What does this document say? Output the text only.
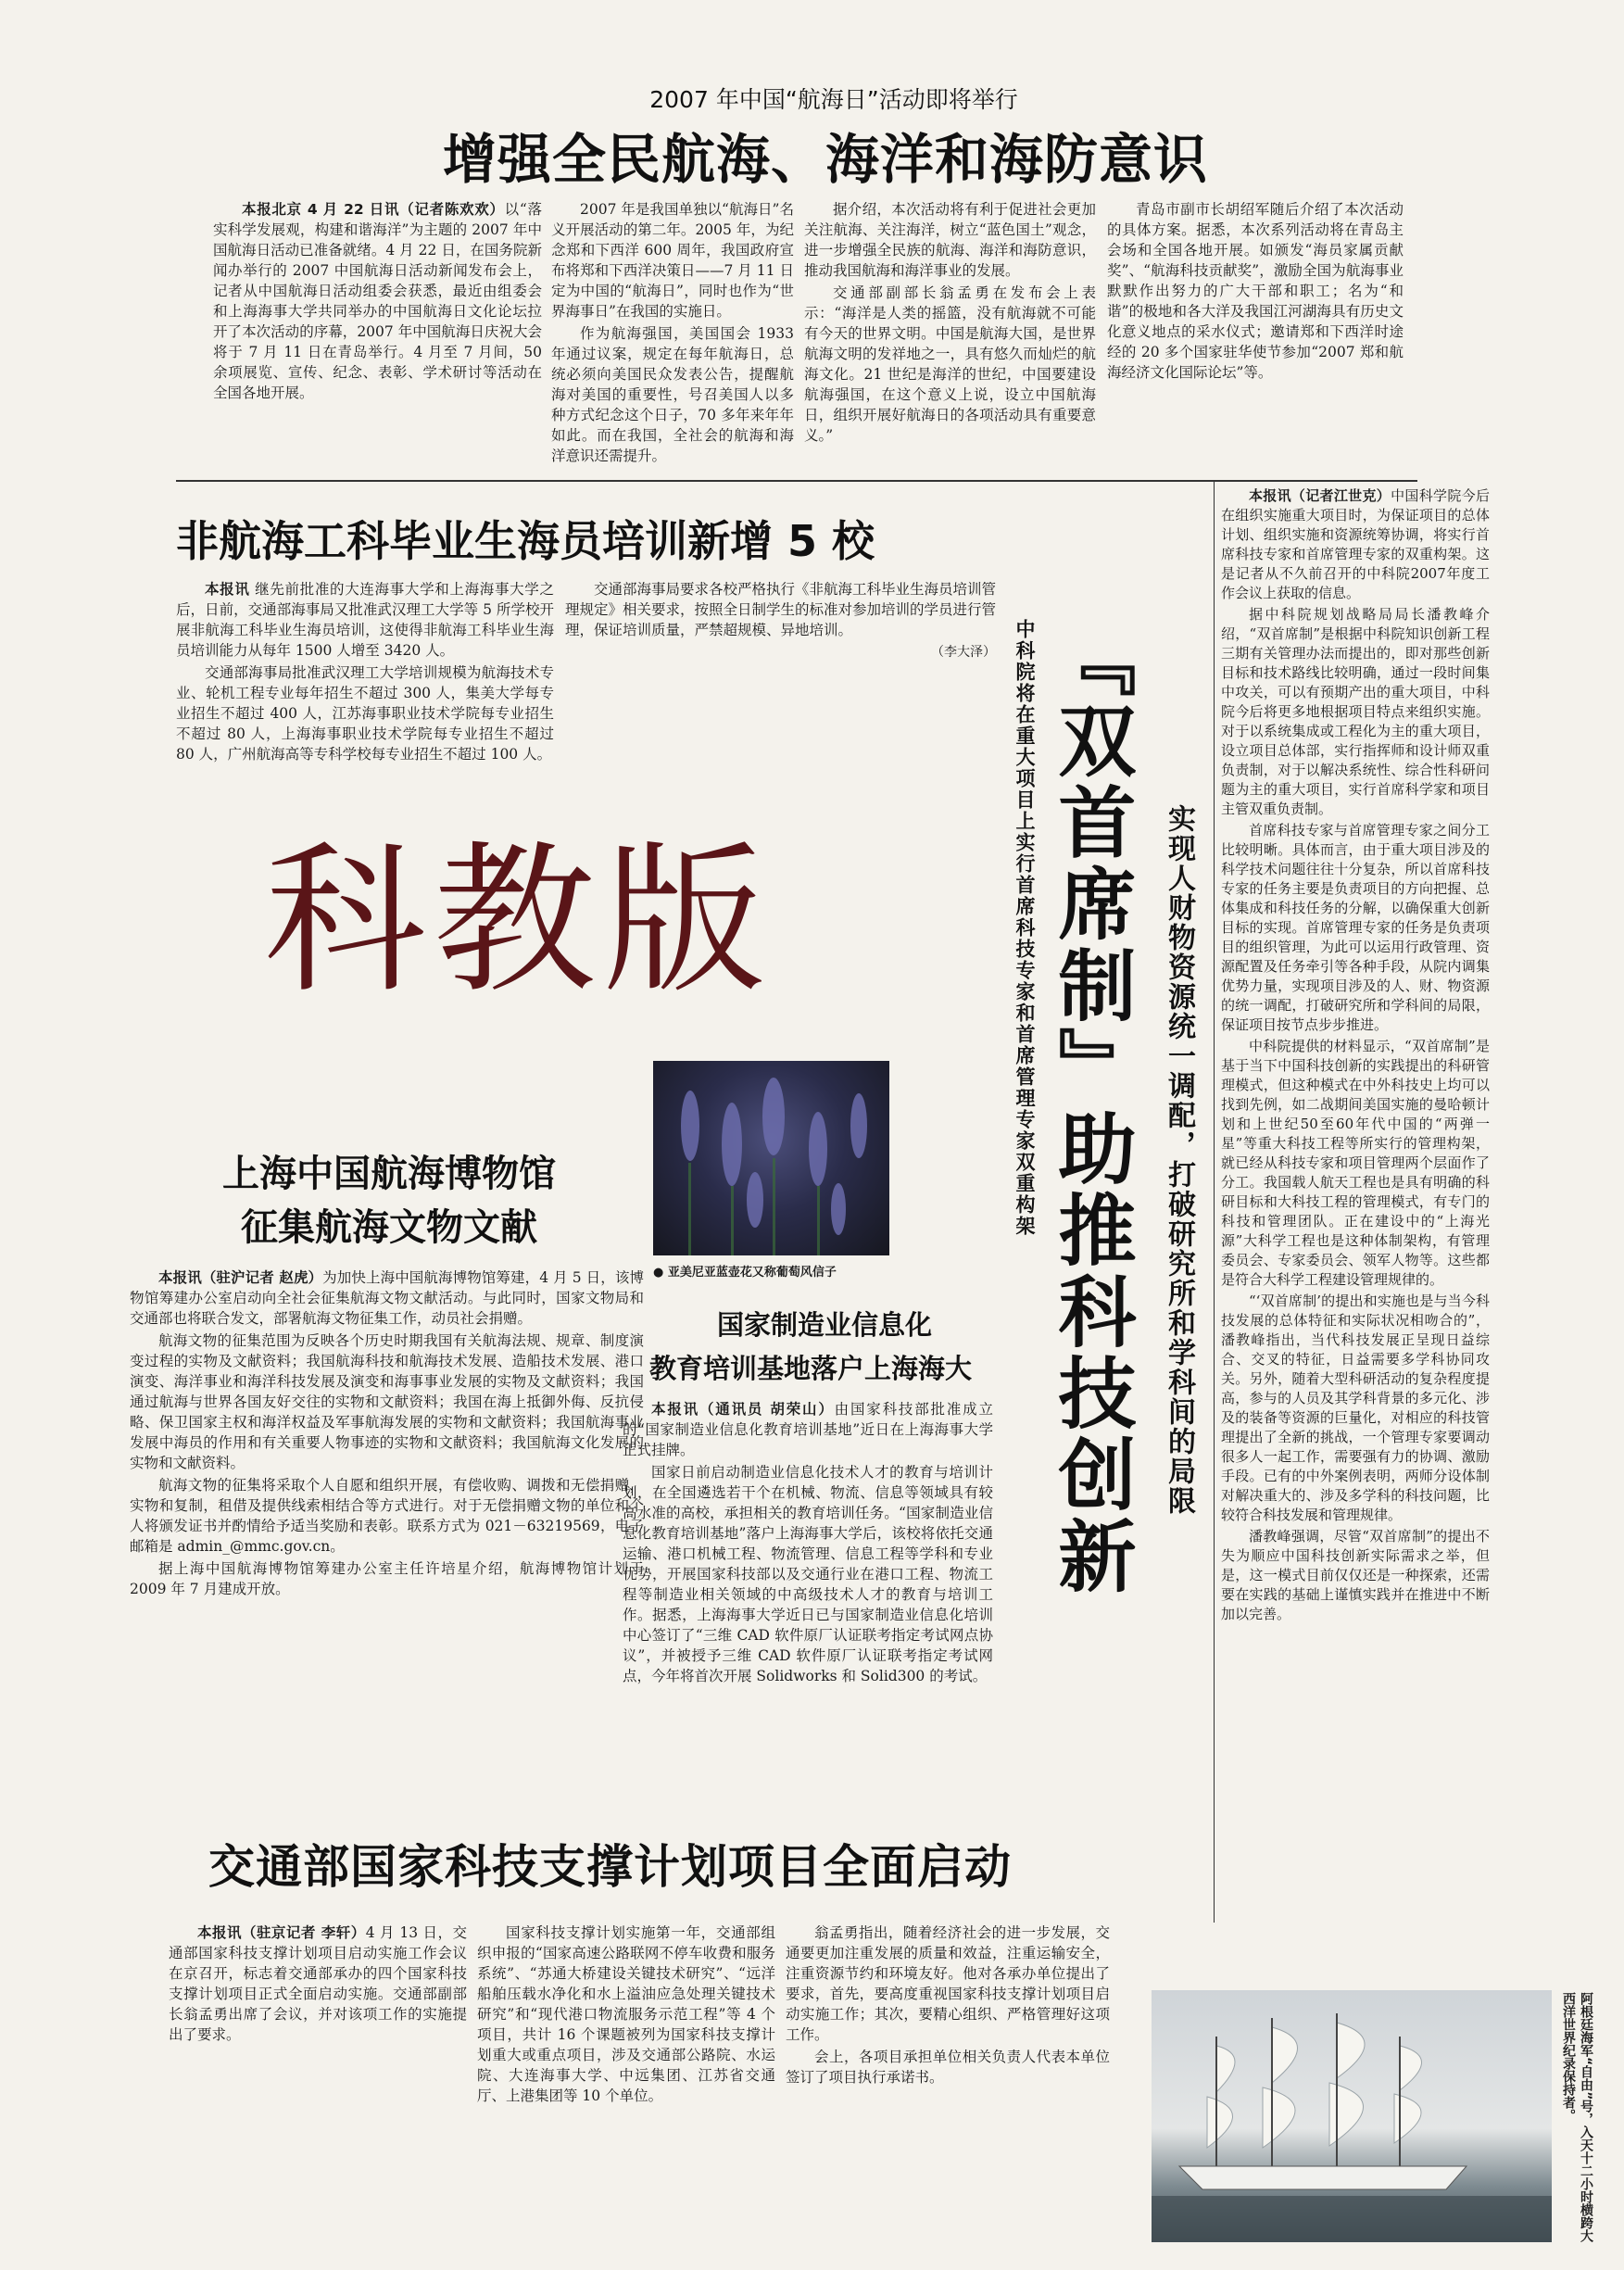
2007 年中国“航海日”活动即将举行
增强全民航海、海洋和海防意识

本报北京 4 月 22 日讯（记者陈欢欢）以“落实科学发展观，构建和谐海洋”为主题的 2007 年中国航海日活动已准备就绪。4 月 22 日，在国务院新闻办举行的 2007 中国航海日活动新闻发布会上，记者从中国航海日活动组委会获悉，最近由组委会和上海海事大学共同举办的中国航海日文化论坛拉开了本次活动的序幕，2007 年中国航海日庆祝大会将于 7 月 11 日在青岛举行。4 月至 7 月间，50 余项展览、宣传、纪念、表彰、学术研讨等活动在全国各地开展。

2007 年是我国单独以“航海日”名义开展活动的第二年。2005 年，为纪念郑和下西洋 600 周年，我国政府宣布将郑和下西洋决策日——7 月 11 日定为中国的“航海日”，同时也作为“世界海事日”在我国的实施日。

作为航海强国，美国国会 1933 年通过议案，规定在每年航海日，总统必须向美国民众发表公告，提醒航海对美国的重要性，号召美国人以多种方式纪念这个日子，70 多年来年年如此。而在我国，全社会的航海和海洋意识还需提升。

据介绍，本次活动将有利于促进社会更加关注航海、关注海洋，树立“蓝色国土”观念，进一步增强全民族的航海、海洋和海防意识，推动我国航海和海洋事业的发展。

交通部副部长翁孟勇在发布会上表示：“海洋是人类的摇篮，没有航海就不可能有今天的世界文明。中国是航海大国，是世界航海文明的发祥地之一，具有悠久而灿烂的航海文化。21 世纪是海洋的世纪，中国要建设航海强国，在这个意义上说，设立中国航海日，组织开展好航海日的各项活动具有重要意义。”

青岛市副市长胡绍军随后介绍了本次活动的具体方案。据悉，本次系列活动将在青岛主会场和全国各地开展。如颁发“海员家属贡献奖”、“航海科技贡献奖”，激励全国为航海事业默默作出努力的广大干部和职工；名为“和谐”的极地和各大洋及我国江河湖海具有历史文化意义地点的采水仪式；邀请郑和下西洋时途经的 20 多个国家驻华使节参加“2007 郑和航海经济文化国际论坛”等。

非航海工科毕业生海员培训新增 5 校

本报讯 继先前批准的大连海事大学和上海海事大学之后，日前，交通部海事局又批准武汉理工大学等 5 所学校开展非航海工科毕业生海员培训，这使得非航海工科毕业生海员培训能力从每年 1500 人增至 3420 人。

交通部海事局批准武汉理工大学培训规模为航海技术专业、轮机工程专业每年招生不超过 300 人，集美大学每专业招生不超过 400 人，江苏海事职业技术学院每专业招生不超过 80 人，上海海事职业技术学院每专业招生不超过 80 人，广州航海高等专科学校每专业招生不超过 100 人。

交通部海事局要求各校严格执行《非航海工科毕业生海员培训管理规定》相关要求，按照全日制学生的标准对参加培训的学员进行管理，保证培训质量，严禁超规模、异地培训。

（李大泽）
科教版
上海中国航海博物馆
征集航海文物文献

本报讯（驻沪记者 赵虎）为加快上海中国航海博物馆筹建，4 月 5 日，该博物馆筹建办公室启动向全社会征集航海文物文献活动。与此同时，国家文物局和交通部也将联合发文，部署航海文物征集工作，动员社会捐赠。

航海文物的征集范围为反映各个历史时期我国有关航海法规、规章、制度演变过程的实物及文献资料；我国航海科技和航海技术发展、造船技术发展、港口演变、海洋事业和海洋科技发展及演变和海事事业发展的实物及文献资料；我国通过航海与世界各国友好交往的实物和文献资料；我国在海上抵御外侮、反抗侵略、保卫国家主权和海洋权益及军事航海发展的实物和文献资料；我国航海事业发展中海员的作用和有关重要人物事迹的实物和文献资料；我国航海文化发展的实物和文献资料。

航海文物的征集将采取个人自愿和组织开展，有偿收购、调拨和无偿捐赠，实物和复制，租借及提供线索相结合等方式进行。对于无偿捐赠文物的单位和个人将颁发证书并酌情给予适当奖励和表彰。联系方式为 021－63219569，电子邮箱是 admin_@mmc.gov.cn。

据上海中国航海博物馆筹建办公室主任许培星介绍，航海博物馆计划于 2009 年 7 月建成开放。

● 亚美尼亚蓝壶花又称葡萄风信子
国家制造业信息化
教育培训基地落户上海海大

本报讯（通讯员 胡荣山）由国家科技部批准成立的“国家制造业信息化教育培训基地”近日在上海海事大学正式挂牌。

国家日前启动制造业信息化技术人才的教育与培训计划，在全国遴选若干个在机械、物流、信息等领域具有较高水准的高校，承担相关的教育培训任务。“国家制造业信息化教育培训基地”落户上海海事大学后，该校将依托交通运输、港口机械工程、物流管理、信息工程等学科和专业优势，开展国家科技部以及交通行业在港口工程、物流工程等制造业相关领域的中高级技术人才的教育与培训工作。据悉，上海海事大学近日已与国家制造业信息化培训中心签订了“三维 CAD 软件原厂认证联考指定考试网点协议”，并被授予三维 CAD 软件原厂认证联考指定考试网点，今年将首次开展 Solidworks 和 Solid300 的考试。

中科院将在重大项目上实行首席科技专家和首席管理专家双重构架 『双首席制』助推科技创新 实现人财物资源统一调配，打破研究所和学科间的局限

本报讯（记者江世克）中国科学院今后在组织实施重大项目时，为保证项目的总体计划、组织实施和资源统筹协调，将实行首席科技专家和首席管理专家的双重构架。这是记者从不久前召开的中科院2007年度工作会议上获取的信息。

据中科院规划战略局局长潘教峰介绍，“双首席制”是根据中科院知识创新工程三期有关管理办法而提出的，即对那些创新目标和技术路线比较明确，通过一段时间集中攻关，可以有预期产出的重大项目，中科院今后将更多地根据项目特点来组织实施。对于以系统集成或工程化为主的重大项目，设立项目总体部，实行指挥师和设计师双重负责制，对于以解决系统性、综合性科研问题为主的重大项目，实行首席科学家和项目主管双重负责制。

首席科技专家与首席管理专家之间分工比较明晰。具体而言，由于重大项目涉及的科学技术问题往往十分复杂，所以首席科技专家的任务主要是负责项目的方向把握、总体集成和科技任务的分解，以确保重大创新目标的实现。首席管理专家的任务是负责项目的组织管理，为此可以运用行政管理、资源配置及任务牵引等各种手段，从院内调集优势力量，实现项目涉及的人、财、物资源的统一调配，打破研究所和学科间的局限，保证项目按节点步步推进。

中科院提供的材料显示，“双首席制”是基于当下中国科技创新的实践提出的科研管理模式，但这种模式在中外科技史上均可以找到先例，如二战期间美国实施的曼哈顿计划和上世纪50至60年代中国的“两弹一星”等重大科技工程等所实行的管理构架，就已经从科技专家和项目管理两个层面作了分工。我国载人航天工程也是具有明确的科研目标和大科技工程的管理模式，有专门的科技和管理团队。正在建设中的“上海光源”大科学工程也是这种体制架构，有管理委员会、专家委员会、领军人物等。这些都是符合大科学工程建设管理规律的。

“‘双首席制’的提出和实施也是与当今科技发展的总体特征和实际状况相吻合的”，潘教峰指出，当代科技发展正呈现日益综合、交叉的特征，日益需要多学科协同攻关。另外，随着大型科研活动的复杂程度提高，参与的人员及其学科背景的多元化、涉及的装备等资源的巨量化，对相应的科技管理提出了全新的挑战，一个管理专家要调动很多人一起工作，需要强有力的协调、激励手段。已有的中外案例表明，两师分设体制对解决重大的、涉及多学科的科技问题，比较符合科技发展和管理规律。

潘教峰强调，尽管“双首席制”的提出不失为顺应中国科技创新实际需求之举，但是，这一模式目前仅仅还是一种探索，还需要在实践的基础上谨慎实践并在推进中不断加以完善。

交通部国家科技支撑计划项目全面启动

本报讯（驻京记者 李轩）4 月 13 日，交通部国家科技支撑计划项目启动实施工作会议在京召开，标志着交通部承办的四个国家科技支撑计划项目正式全面启动实施。交通部副部长翁孟勇出席了会议，并对该项工作的实施提出了要求。

国家科技支撑计划实施第一年，交通部组织申报的“国家高速公路联网不停车收费和服务系统”、“苏通大桥建设关键技术研究”、“远洋船舶压载水净化和水上溢油应急处理关键技术研究”和“现代港口物流服务示范工程”等 4 个项目，共计 16 个课题被列为国家科技支撑计划重大或重点项目，涉及交通部公路院、水运院、大连海事大学、中远集团、江苏省交通厅、上港集团等 10 个单位。

翁孟勇指出，随着经济社会的进一步发展，交通要更加注重发展的质量和效益，注重运输安全，注重资源节约和环境友好。他对各承办单位提出了要求，首先，要高度重视国家科技支撑计划项目启动实施工作；其次，要精心组织、严格管理好这项工作。

会上，各项目承担单位相关负责人代表本单位签订了项目执行承诺书。	阿根廷海军“自由”号，入天十二小时横跨大西洋世界纪录保持者。
